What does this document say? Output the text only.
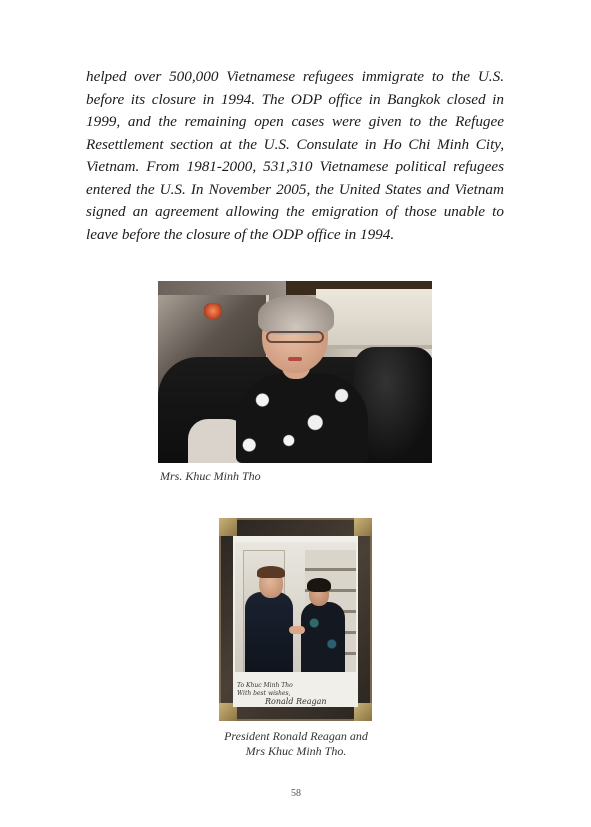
helped over 500,000 Vietnamese refugees immigrate to the U.S. before its closure in 1994. The ODP office in Bangkok closed in 1999, and the remaining open cases were given to the Refugee Resettlement section at the U.S. Consulate in Ho Chi Minh City, Vietnam. From 1981-2000, 531,310 Vietnamese political refugees entered the U.S. In November 2005, the United States and Vietnam signed an agreement allowing the emigration of those unable to leave before the closure of the ODP office in 1994.

Mrs. Khuc Minh Tho
To Khuc Minh Tho
With best wishes,
Ronald Reagan
President Ronald Reagan and
Mrs Khuc Minh Tho.
58
